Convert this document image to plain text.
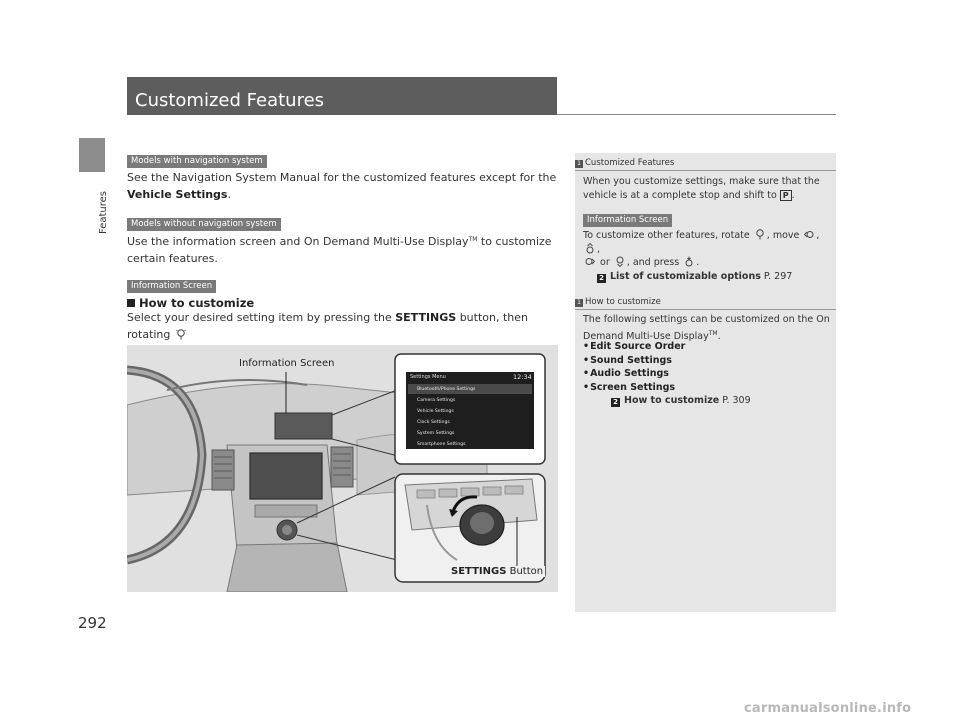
Features
292
Customized Features
Models with navigation system
See the Navigation System Manual for the customized features except for the
Vehicle Settings.
Models without navigation system
Use the information screen and On Demand Multi-Use Display™ to customize
certain features.
Information Screen
How to customize
Select your desired setting item by pressing the SETTINGS button, then rotating

Information Screen
SETTINGS Button
Settings Menu	12:34
Bluetooth/Phone Settings
Camera Settings
Vehicle Settings
Clock Settings
System Settings
Smartphone Settings
1 Customized Features
When you customize settings, make sure that the
vehicle is at a complete stop and shift to P .
Information Screen
To customize other features, rotate , move , ,
or , and press .
2 List of customizable options P. 297
1 How to customize
The following settings can be customized on the On
Demand Multi-Use Display™.
• Edit Source Order
• Sound Settings
• Audio Settings
• Screen Settings
2 How to customize P. 309
carmanualsonline.info
